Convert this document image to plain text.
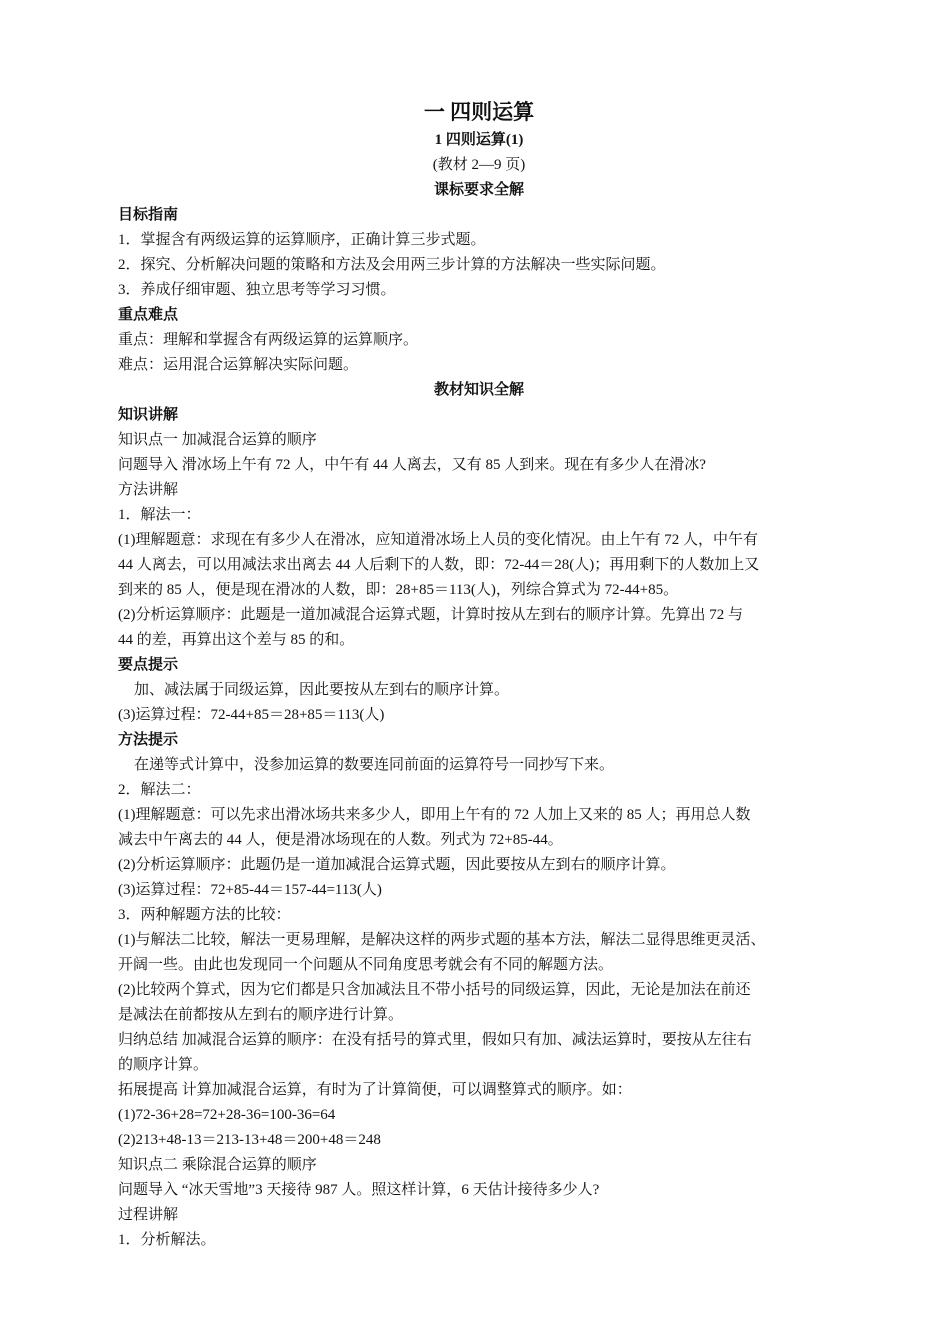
一 四则运算
1 四则运算(1)
(教材 2—9 页)
课标要求全解
目标指南
1．掌握含有两级运算的运算顺序，正确计算三步式题。
2．探究、分析解决问题的策略和方法及会用两三步计算的方法解决一些实际问题。
3．养成仔细审题、独立思考等学习习惯。
重点难点
重点：理解和掌握含有两级运算的运算顺序。
难点：运用混合运算解决实际问题。
教材知识全解
知识讲解
知识点一 加减混合运算的顺序
问题导入 滑冰场上午有 72 人，中午有 44 人离去，又有 85 人到来。现在有多少人在滑冰?
方法讲解
1．解法一：
(1)理解题意：求现在有多少人在滑冰，应知道滑冰场上人员的变化情况。由上午有 72 人，中午有
44 人离去，可以用减法求出离去 44 人后剩下的人数，即：72-44＝28(人)；再用剩下的人数加上又
到来的 85 人，便是现在滑冰的人数，即：28+85＝113(人)，列综合算式为 72-44+85。
(2)分析运算顺序：此题是一道加减混合运算式题，计算时按从左到右的顺序计算。先算出 72 与
44 的差，再算出这个差与 85 的和。
要点提示
加、减法属于同级运算，因此要按从左到右的顺序计算。
(3)运算过程：72-44+85＝28+85＝113(人)
方法提示
在递等式计算中，没参加运算的数要连同前面的运算符号一同抄写下来。
2．解法二：
(1)理解题意：可以先求出滑冰场共来多少人，即用上午有的 72 人加上又来的 85 人；再用总人数
减去中午离去的 44 人，便是滑冰场现在的人数。列式为 72+85-44。
(2)分析运算顺序：此题仍是一道加减混合运算式题，因此要按从左到右的顺序计算。
(3)运算过程：72+85-44＝157-44=113(人)
3．两种解题方法的比较：
(1)与解法二比较，解法一更易理解，是解决这样的两步式题的基本方法，解法二显得思维更灵活、
开阔一些。由此也发现同一个问题从不同角度思考就会有不同的解题方法。
(2)比较两个算式，因为它们都是只含加减法且不带小括号的同级运算，因此，无论是加法在前还
是减法在前都按从左到右的顺序进行计算。
归纳总结 加减混合运算的顺序：在没有括号的算式里，假如只有加、减法运算时，要按从左往右
的顺序计算。
拓展提高 计算加减混合运算，有时为了计算简便，可以调整算式的顺序。如：
(1)72-36+28=72+28-36=100-36=64
(2)213+48-13＝213-13+48＝200+48＝248
知识点二 乘除混合运算的顺序
问题导入 “冰天雪地”3 天接待 987 人。照这样计算，6 天估计接待多少人?
过程讲解
1．分析解法。
